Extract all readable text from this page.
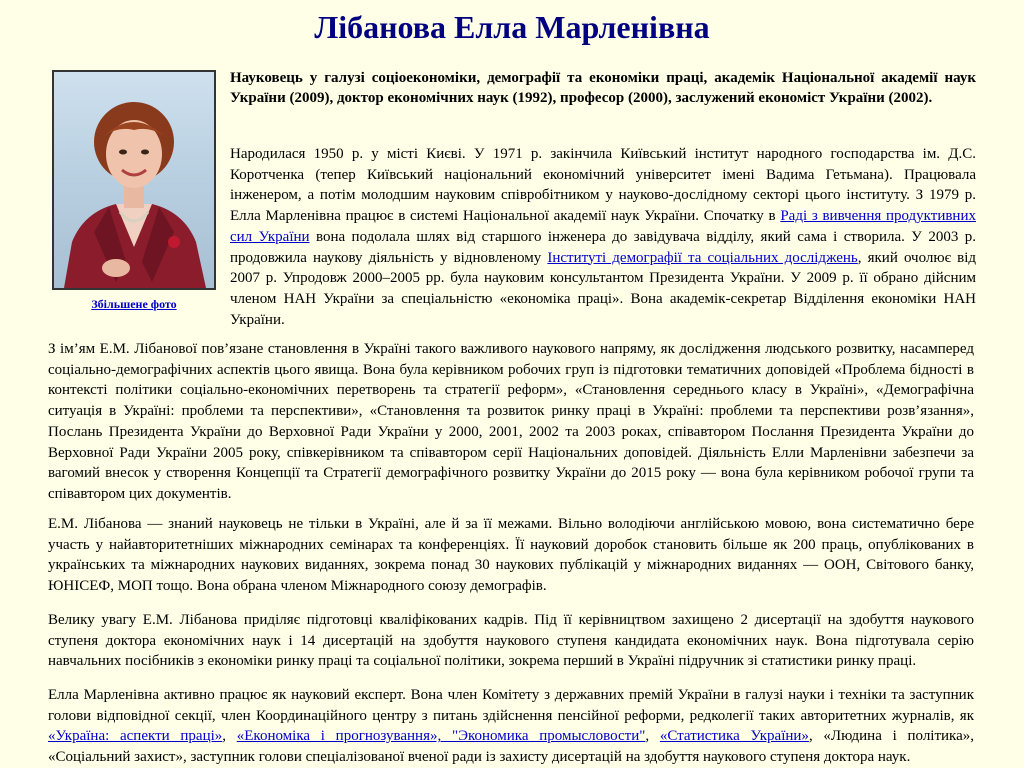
Лібанова Елла Марленівна
Збільшене фото

Науковець у галузі соціоекономіки, демографії та економіки праці, академік Національної академії наук України (2009), доктор економічних наук (1992), професор (2000), заслужений економіст України (2002).

Народилася 1950 р. у місті Києві. У 1971 р. закінчила Київський інститут народного господарства ім. Д.С. Коротченка (тепер Київський національний економічний університет імені Вадима Гетьмана). Працювала інженером, а потім молодшим науковим співробітником у науково-дослідному секторі цього інституту. З 1979 р. Елла Марленівна працює в системі Національної академії наук України. Спочатку в Раді з вивчення продуктивних сил України вона подолала шлях від старшого інженера до завідувача відділу, який сама і створила. У 2003 р. продовжила наукову діяльність у відновленому Інституті демографії та соціальних досліджень, який очолює від 2007 р. Упродовж 2000–2005 рр. була науковим консультантом Президента України. У 2009 р. її обрано дійсним членом НАН України за спеціальністю «економіка праці». Вона академік-секретар Відділення економіки НАН України.

З ім’ям Е.М. Лібанової пов’язане становлення в Україні такого важливого наукового напряму, як дослідження людського розвитку, насамперед соціально-демографічних аспектів цього явища. Вона була керівником робочих груп із підготовки тематичних доповідей «Проблема бідності в контексті політики соціально-економічних перетворень та стратегії реформ», «Становлення середнього класу в Україні», «Демографічна ситуація в Україні: проблеми та перспективи», «Становлення та розвиток ринку праці в Україні: проблеми та перспективи розв’язання», Послань Президента України до Верховної Ради України у 2000, 2001, 2002 та 2003 роках, співавтором Послання Президента України до Верховної Ради України 2005 року, співкерівником та співавтором серії Національних доповідей. Діяльність Елли Марленівни забезпечи за вагомий внесок у створення Концепції та Стратегії демографічного розвитку України до 2015 року — вона була керівником робочої групи та співавтором цих документів.

Е.М. Лібанова — знаний науковець не тільки в Україні, але й за її межами. Вільно володіючи англійською мовою, вона систематично бере участь у найавторитетніших міжнародних семінарах та конференціях. Її науковий доробок становить більше як 200 праць, опублікованих в українських та міжнародних наукових виданнях, зокрема понад 30 наукових публікацій у міжнародних виданнях — ООН, Світового банку, ЮНІСЕФ, МОП тощо. Вона обрана членом Міжнародного союзу демографів.

Велику увагу Е.М. Лібанова приділяє підготовці кваліфікованих кадрів. Під її керівництвом захищено 2 дисертації на здобуття наукового ступеня доктора економічних наук і 14 дисертацій на здобуття наукового ступеня кандидата економічних наук. Вона підготувала серію навчальних посібників з економіки ринку праці та соціальної політики, зокрема перший в Україні підручник зі статистики ринку праці.

Елла Марленівна активно працює як науковий експерт. Вона член Комітету з державних премій України в галузі науки і техніки та заступник голови відповідної секції, член Координаційного центру з питань здійснення пенсійної реформи, редколегії таких авторитетних журналів, як «Україна: аспекти праці», «Економіка і прогнозування», "Экономика промысловости", «Статистика України», «Людина і політика», «Соціальний захист», заступник голови спеціалізованої вченої ради із захисту дисертацій на здобуття наукового ступеня доктора наук.
